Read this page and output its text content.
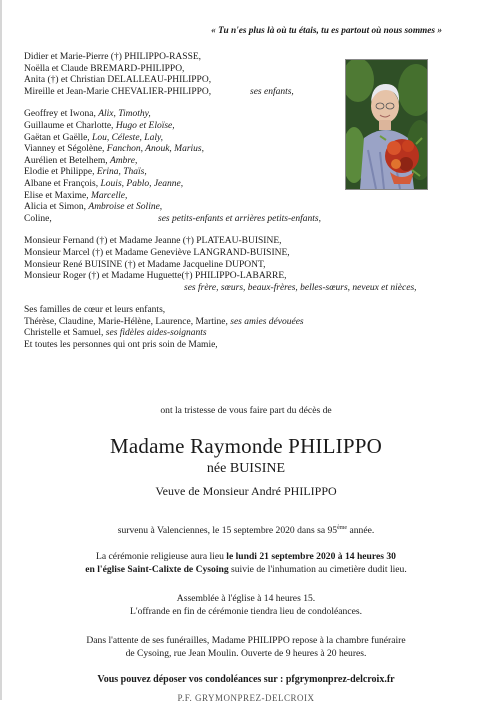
« Tu n'es plus là où tu étais, tu es partout où nous sommes »
Didier et Marie-Pierre (†) PHILIPPO-RASSE,
Noëlla et Claude BREMARD-PHILIPPO,
Anita (†) et Christian DELALLEAU-PHILIPPO,
Mireille et Jean-Marie CHEVALIER-PHILIPPO,	ses enfants,
Geoffrey et Iwona, Alix, Timothy,
Guillaume et Charlotte, Hugo et Eloïse,
Gaëtan et Gaëlle, Lou, Céleste, Laly,
Vianney et Ségolène, Fanchon, Anouk, Marius,
Aurélien et Betelhem, Ambre,
Elodie et Philippe, Erina, Thaïs,
Albane et François, Louis, Pablo, Jeanne,
Elise et Maxime, Marcelle,
Alicia et Simon, Ambroise et Soline,
Coline,	ses petits-enfants et arrières petits-enfants,
Monsieur Fernand (†) et Madame Jeanne (†) PLATEAU-BUISINE,
Monsieur Marcel (†) et Madame Geneviève LANGRAND-BUISINE,
Monsieur René BUISINE (†) et Madame Jacqueline DUPONT,
Monsieur Roger (†) et Madame Huguette(†) PHILIPPO-LABARRE,
ses frère, sœurs, beaux-frères, belles-sœurs, neveux et nièces,
Ses familles de cœur et leurs enfants,
Thérèse, Claudine, Marie-Hélène, Laurence, Martine, ses amies dévouées
Christelle et Samuel, ses fidèles aides-soignants
Et toutes les personnes qui ont pris soin de Mamie,
ont la tristesse de vous faire part du décès de
Madame Raymonde PHILIPPO
née BUISINE
Veuve de Monsieur André PHILIPPO
survenu à Valenciennes, le 15 septembre 2020 dans sa 95ème année.
La cérémonie religieuse aura lieu le lundi 21 septembre 2020 à 14 heures 30
en l'église Saint-Calixte de Cysoing suivie de l'inhumation au cimetière dudit lieu.
Assemblée à l'église à 14 heures 15.
L'offrande en fin de cérémonie tiendra lieu de condoléances.
Dans l'attente de ses funérailles, Madame PHILIPPO repose à la chambre funéraire
de Cysoing, rue Jean Moulin. Ouverte de 9 heures à 20 heures.
Vous pouvez déposer vos condoléances sur : pfgrymonprez-delcroix.fr
P.F. GRYMONPREZ-DELCROIX
